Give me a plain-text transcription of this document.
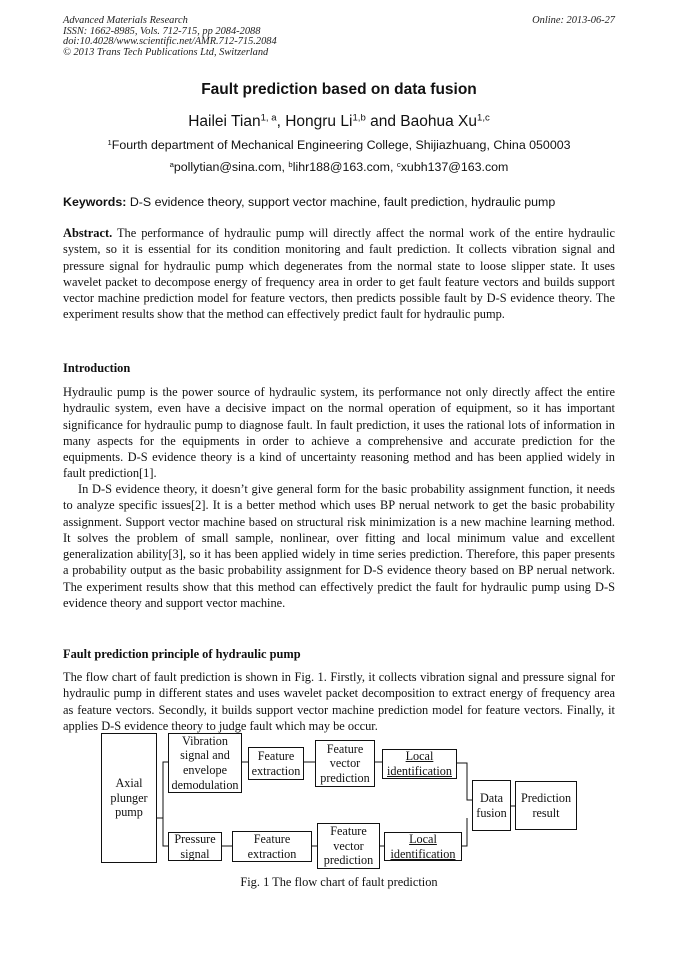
Advanced Materials Research
ISSN: 1662-8985, Vols. 712-715, pp 2084-2088
doi:10.4028/www.scientific.net/AMR.712-715.2084
© 2013 Trans Tech Publications Ltd, Switzerland
Online: 2013-06-27
Fault prediction based on data fusion
Hailei Tian$^{1, a}$, Hongru Li$^{1,b}$ and Baohua Xu$^{1,c}$
$^1$Fourth department of Mechanical Engineering College, Shijiazhuang, China 050003
$^a$pollytian@sina.com, $^b$lihr188@163.com, $^c$xubh137@163.com
Keywords: D-S evidence theory, support vector machine, fault prediction, hydraulic pump
Abstract. The performance of hydraulic pump will directly affect the normal work of the entire hydraulic system, so it is essential for its condition monitoring and fault prediction. It collects vibration signal and pressure signal for hydraulic pump which degenerates from the normal state to loose slipper state. It uses wavelet packet to decompose energy of frequency area in order to get fault feature vectors and builds support vector machine prediction model for feature vectors, then predicts possible fault by D-S evidence theory. The experiment results show that the method can effectively predict fault for hydraulic pump.
Introduction
Hydraulic pump is the power source of hydraulic system, its performance not only directly affect the entire hydraulic system, even have a decisive impact on the normal operation of equipment, so it has important significance for hydraulic pump to diagnose fault. In fault prediction, it uses the rational lots of information in many aspects for the equipments in order to achieve a comprehensive and accurate prediction for the equipments. D-S evidence theory is a kind of uncertainty reasoning method and has been applied widely in fault prediction[1].
In D-S evidence theory, it doesn’t give general form for the basic probability assignment function, it needs to analyze specific issues[2]. It is a better method which uses BP nerual network to get the basic probability assignment. Support vector machine based on structural risk minimization is a new machine learning method. It solves the problem of small sample, nonlinear, over fitting and local minimum value and excellent generalization ability[3], so it has been applied widely in time series prediction. Therefore, this paper presents a probability output as the basic probability assignment for D-S evidence theory based on BP nerual network. The experiment results show that this method can effectively predict the fault for hydraulic pump using D-S evidence theory and support vector machine.
Fault prediction principle of hydraulic pump
The flow chart of fault prediction is shown in Fig. 1. Firstly, it collects vibration signal and pressure signal for hydraulic pump in different states and uses wavelet packet decomposition to extract energy of frequency area as feature vectors. Secondly, it builds support vector machine prediction model for feature vectors. Finally, it applies D-S evidence theory to judge fault which may be occur.
Axial
plunger
pump
Vibration
signal and
envelope
demodulation
Feature
extraction
Feature
vector
prediction
Local
identification
Pressure
signal
Feature
extraction
Feature
vector
prediction
Local
identification
Data
fusion
Prediction
result
Fig. 1 The flow chart of fault prediction
